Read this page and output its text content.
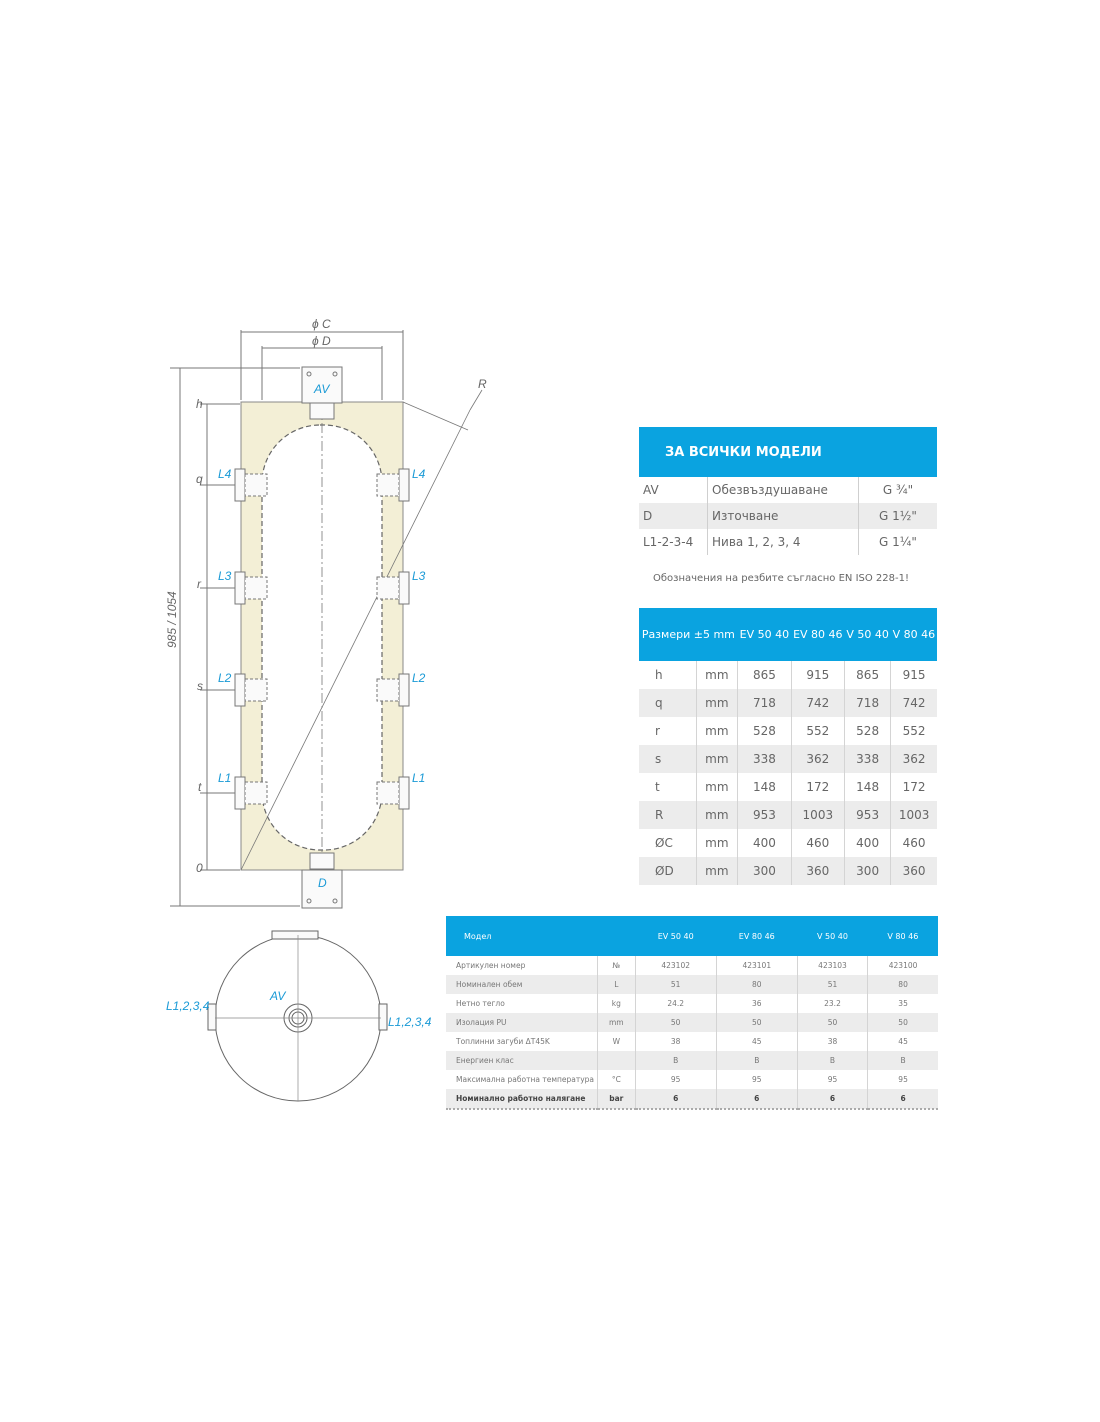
ϕ C
ϕ D
R
985 / 1054
AV
D
h
q
r
s
t
0
L4	L4
L3	L3
L2	L2
L1	L1
AV
L1,2,3,4
L1,2,3,4
ЗА ВСИЧКИ МОДЕЛИ
AV	Обезвъздушаване	G ¾"
D	Източване	G 1½"
L1-2-3-4	Нива 1, 2, 3, 4	G 1¼"
Обозначения на резбите съгласно EN ISO 228-1!
Размери ±5 mm		EV 50 40	EV 80 46	V 50 40	V 80 46
h	mm	865	915	865	915
q	mm	718	742	718	742
r	mm	528	552	528	552
s	mm	338	362	338	362
t	mm	148	172	148	172
R	mm	953	1003	953	1003
ØC	mm	400	460	400	460
ØD	mm	300	360	300	360
Модел		EV 50 40	EV 80 46	V 50 40	V 80 46
Артикулен номер	№	423102	423101	423103	423100
Номинален обем	L	51	80	51	80
Нетно тегло	kg	24.2	36	23.2	35
Изолация PU	mm	50	50	50	50
Топлинни загуби ΔT45K	W	38	45	38	45
Енергиен клас		B	B	B	B
Максимална работна температура	°C	95	95	95	95
Номинално работно налягане	bar	6	6	6	6
